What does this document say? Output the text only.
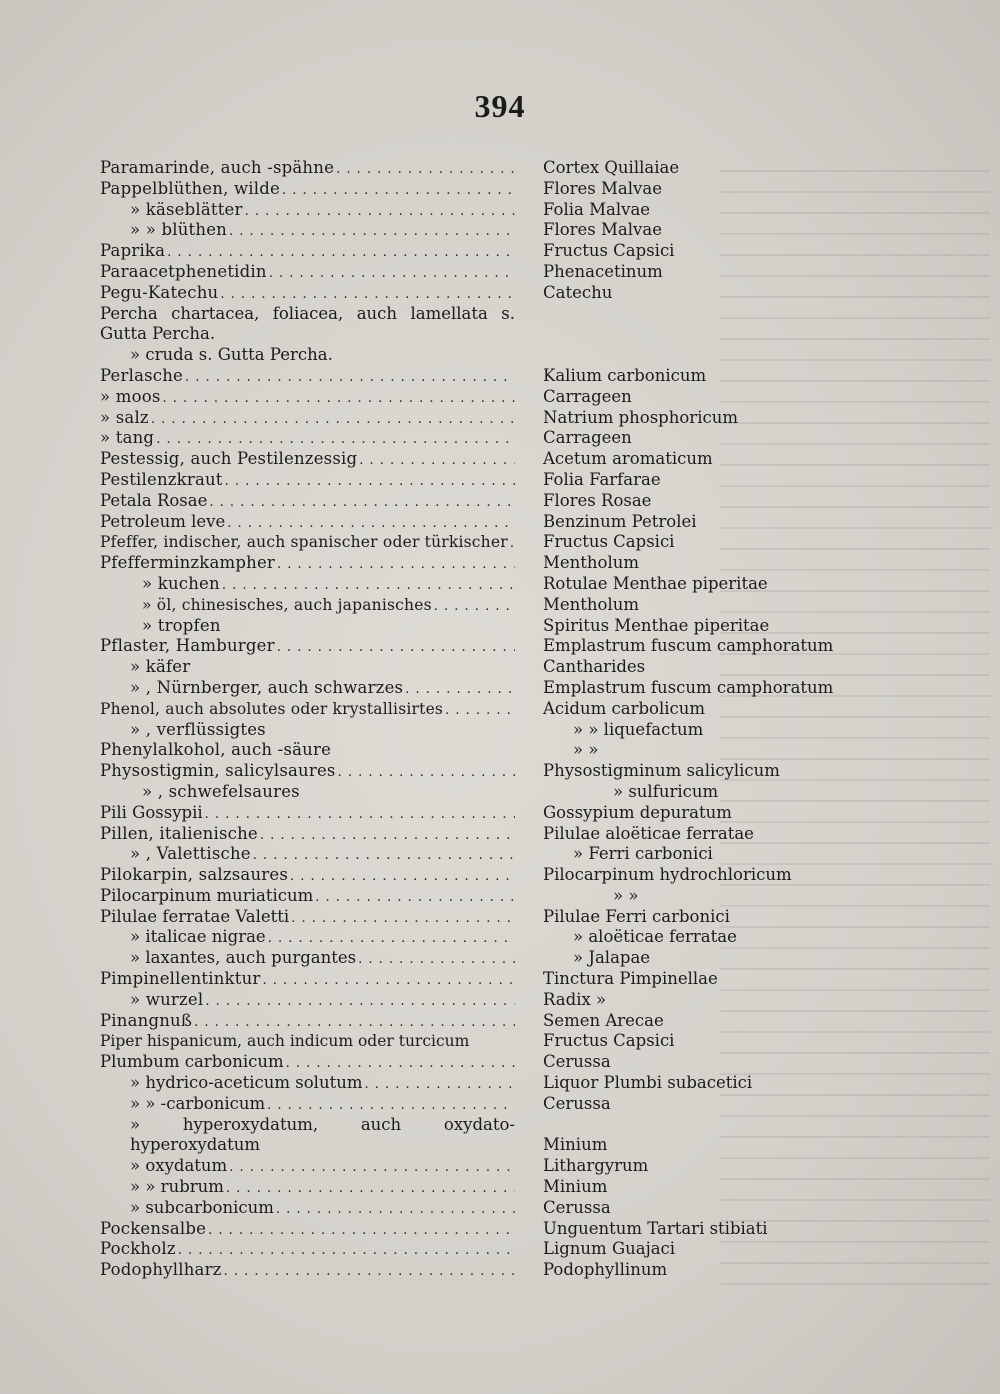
394
Paramarinde, auch -spähne . . .	Cortex Quillaiae
Pappelblüthen, wilde . . .	Flores Malvae
» käseblätter . . .	Folia Malvae
» » blüthen . . .	Flores Malvae
Paprika . . .	Fructus Capsici
Paraacetphenetidin . . .	Phenacetinum
Pegu-Katechu . . .	Catechu
Percha chartacea, foliacea, auch lamellata s. Gutta Percha.
» cruda s. Gutta Percha.
Perlasche . . .	Kalium carbonicum
» moos . . .	Carrageen
» salz . . .	Natrium phosphoricum
» tang . . .	Carrageen
Pestessig, auch Pestilenzessig . . .	Acetum aromaticum
Pestilenzkraut . . .	Folia Farfarae
Petala Rosae . . .	Flores Rosae
Petroleum leve . . .	Benzinum Petrolei
Pfeffer, indischer, auch spanischer oder türkischer . . . Fructus Capsici
Pfefferminzkampher . . .	Mentholum
» kuchen . . .	Rotulae Menthae piperitae
» öl, chinesisches, auch japanisches . . .	Mentholum
» tropfen	Spiritus Menthae piperitae
Pflaster, Hamburger . . .	Emplastrum fuscum camphoratum
» käfer	Cantharides
» , Nürnberger, auch schwarzes . . .	Emplastrum fuscum camphoratum
Phenol, auch absolutes oder krystallisirtes . . .	Acidum carbolicum
» , verflüssigtes	» » liquefactum
Phenylalkohol, auch -säure	» »
Physostigmin, salicylsaures . . .	Physostigminum salicylicum
» , schwefelsaures	» sulfuricum
Pili Gossypii . . .	Gossypium depuratum
Pillen, italienische . . .	Pilulae aloëticae ferratae
» , Valettische . . .	» Ferri carbonici
Pilokarpin, salzsaures . . .	Pilocarpinum hydrochloricum
Pilocarpinum muriaticum . . .	» »
Pilulae ferratae Valetti . . .	Pilulae Ferri carbonici
» italicae nigrae . . .	» aloëticae ferratae
» laxantes, auch purgantes . . .	» Jalapae
Pimpinellentinktur . . .	Tinctura Pimpinellae
» wurzel . . .	Radix »
Pinangnuß . . .	Semen Arecae
Piper hispanicum, auch indicum oder turcicum	Fructus Capsici
Plumbum carbonicum . . .	Cerussa
» hydrico-aceticum solutum . . .	Liquor Plumbi subacetici
» » -carbonicum . . .	Cerussa
» hyperoxydatum, auch oxydato-hyperoxydatum	Minium
» oxydatum . . .	Lithargyrum
» » rubrum . . .	Minium
» subcarbonicum . . .	Cerussa
Pockensalbe . . .	Unguentum Tartari stibiati
Pockholz . . .	Lignum Guajaci
Podophyllharz . . .	Podophyllinum
